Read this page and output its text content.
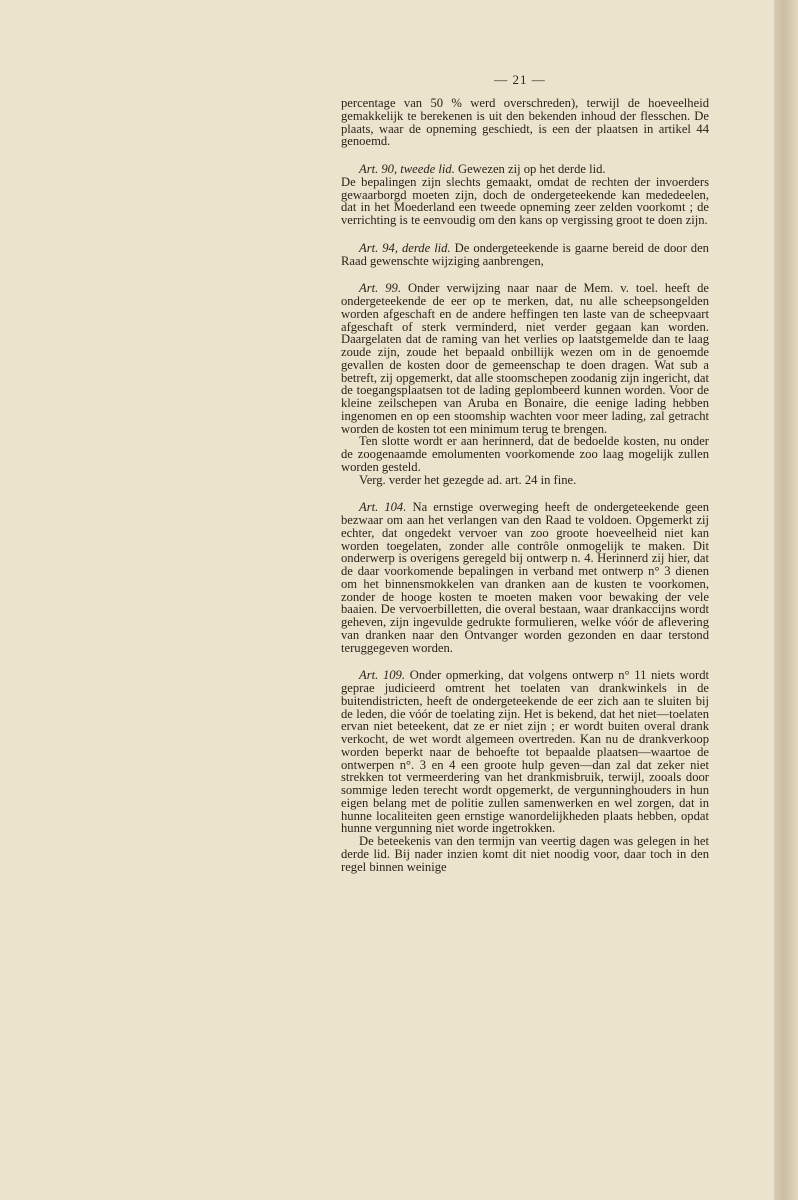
— 21 —

percentage van 50 % werd overschreden), terwijl de hoeveelheid gemakkelijk te berekenen is uit den bekenden inhoud der flesschen. De plaats, waar de opneming geschiedt, is een der plaatsen in artikel 44 genoemd.

Art. 90, tweede lid. Gewezen zij op het derde lid.

De bepalingen zijn slechts gemaakt, omdat de rechten der invoerders gewaarborgd moeten zijn, doch de ondergeteekende kan mededeelen, dat in het Moederland een tweede opneming zeer zelden voorkomt ; de verrichting is te eenvoudig om den kans op vergissing groot te doen zijn.

Art. 94, derde lid. De ondergeteekende is gaarne bereid de door den Raad gewenschte wijziging aanbrengen,

Art. 99. Onder verwijzing naar naar de Mem. v. toel. heeft de ondergeteekende de eer op te merken, dat, nu alle scheepsongelden worden afgeschaft en de andere heffingen ten laste van de scheepvaart afgeschaft of sterk verminderd, niet verder gegaan kan worden. Daargelaten dat de raming van het verlies op laatstgemelde dan te laag zoude zijn, zoude het bepaald onbillijk wezen om in de genoemde gevallen de kosten door de gemeenschap te doen dragen. Wat sub a betreft, zij opgemerkt, dat alle stoomschepen zoodanig zijn ingericht, dat de toegangsplaatsen tot de lading geplombeerd kunnen worden. Voor de kleine zeilschepen van Aruba en Bonaire, die eenige lading hebben ingenomen en op een stoomship wachten voor meer lading, zal getracht worden de kosten tot een minimum terug te brengen.

Ten slotte wordt er aan herinnerd, dat de bedoelde kosten, nu onder de zoogenaamde emolumenten voorkomende zoo laag mogelijk zullen worden gesteld.

Verg. verder het gezegde ad. art. 24 in fine.

Art. 104. Na ernstige overweging heeft de ondergeteekende geen bezwaar om aan het verlangen van den Raad te voldoen. Opgemerkt zij echter, dat ongedekt vervoer van zoo groote hoeveelheid niet kan worden toegelaten, zonder alle contrôle onmogelijk te maken. Dit onderwerp is overigens geregeld bij ontwerp n. 4. Herinnerd zij hier, dat de daar voorkomende bepalingen in verband met ontwerp n° 3 dienen om het binnensmokkelen van dranken aan de kusten te voorkomen, zonder de hooge kosten te moeten maken voor bewaking der vele baaien. De vervoerbilletten, die overal bestaan, waar drankaccijns wordt geheven, zijn ingevulde gedrukte formulieren, welke vóór de aflevering van dranken naar den Ontvanger worden gezonden en daar terstond teruggegeven worden.

Art. 109. Onder opmerking, dat volgens ontwerp n° 11 niets wordt geprae judicieerd omtrent het toelaten van drankwinkels in de buitendistricten, heeft de ondergeteekende de eer zich aan te sluiten bij de leden, die vóór de toelating zijn. Het is bekend, dat het niet—toelaten ervan niet beteekent, dat ze er niet zijn ; er wordt buiten overal drank verkocht, de wet wordt algemeen overtreden. Kan nu de drankverkoop worden beperkt naar de behoefte tot bepaalde plaatsen—waartoe de ontwerpen n°. 3 en 4 een groote hulp geven—dan zal dat zeker niet strekken tot vermeerdering van het drankmisbruik, terwijl, zooals door sommige leden terecht wordt opgemerkt, de vergunninghouders in hun eigen belang met de politie zullen samenwerken en wel zorgen, dat in hunne localiteiten geen ernstige wanordelijkheden plaats hebben, opdat hunne vergunning niet worde ingetrokken.

De beteekenis van den termijn van veertig dagen was gelegen in het derde lid. Bij nader inzien komt dit niet noodig voor, daar toch in den regel binnen weinige
